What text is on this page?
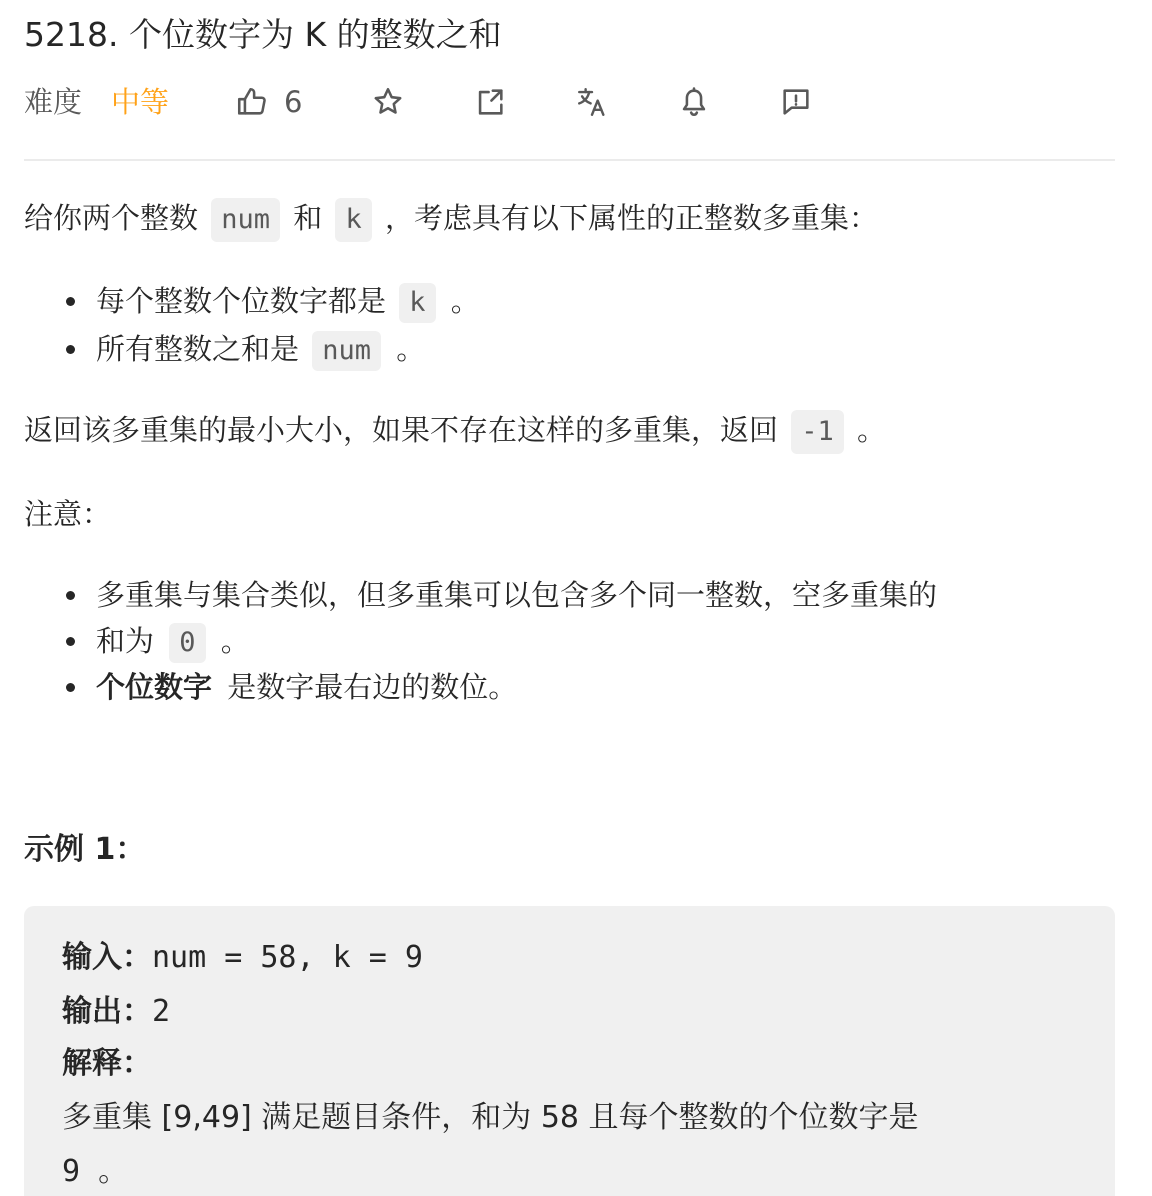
5218. 个位数字为 K 的整数之和
难度 中等	6
给你两个整数 num 和 k ，考虑具有以下属性的正整数多重集：
每个整数个位数字都是 k 。
所有整数之和是 num 。
返回该多重集的最小大小，如果不存在这样的多重集，返回 -1 。
注意：
多重集与集合类似，但多重集可以包含多个同一整数，空多重集的
和为 0 。
个位数字 是数字最右边的数位。
示例 1：
输入：num = 58, k = 9
输出：2
解释：
多重集 [9,49] 满足题目条件，和为 58 且每个整数的个位数字是
9 。
